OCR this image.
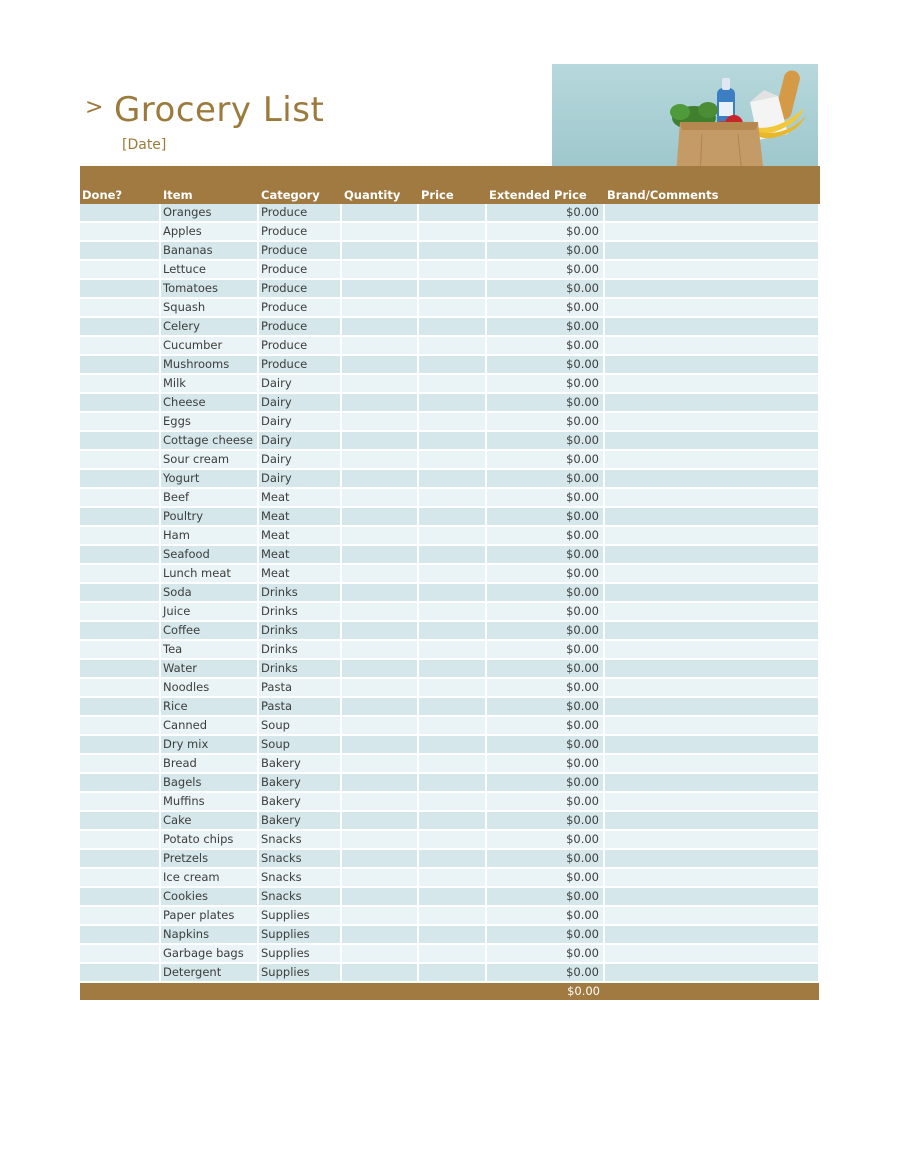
> Grocery List
[Date]
Done?	Item	Category	Quantity	Price	Extended Price	Brand/Comments
	Oranges	Produce			$0.00	
	Apples	Produce			$0.00	
	Bananas	Produce			$0.00	
	Lettuce	Produce			$0.00	
	Tomatoes	Produce			$0.00	
	Squash	Produce			$0.00	
	Celery	Produce			$0.00	
	Cucumber	Produce			$0.00	
	Mushrooms	Produce			$0.00	
	Milk	Dairy			$0.00	
	Cheese	Dairy			$0.00	
	Eggs	Dairy			$0.00	
	Cottage cheese	Dairy			$0.00	
	Sour cream	Dairy			$0.00	
	Yogurt	Dairy			$0.00	
	Beef	Meat			$0.00	
	Poultry	Meat			$0.00	
	Ham	Meat			$0.00	
	Seafood	Meat			$0.00	
	Lunch meat	Meat			$0.00	
	Soda	Drinks			$0.00	
	Juice	Drinks			$0.00	
	Coffee	Drinks			$0.00	
	Tea	Drinks			$0.00	
	Water	Drinks			$0.00	
	Noodles	Pasta			$0.00	
	Rice	Pasta			$0.00	
	Canned	Soup			$0.00	
	Dry mix	Soup			$0.00	
	Bread	Bakery			$0.00	
	Bagels	Bakery			$0.00	
	Muffins	Bakery			$0.00	
	Cake	Bakery			$0.00	
	Potato chips	Snacks			$0.00	
	Pretzels	Snacks			$0.00	
	Ice cream	Snacks			$0.00	
	Cookies	Snacks			$0.00	
	Paper plates	Supplies			$0.00	
	Napkins	Supplies			$0.00	
	Garbage bags	Supplies			$0.00	
	Detergent	Supplies			$0.00	
					$0.00	
